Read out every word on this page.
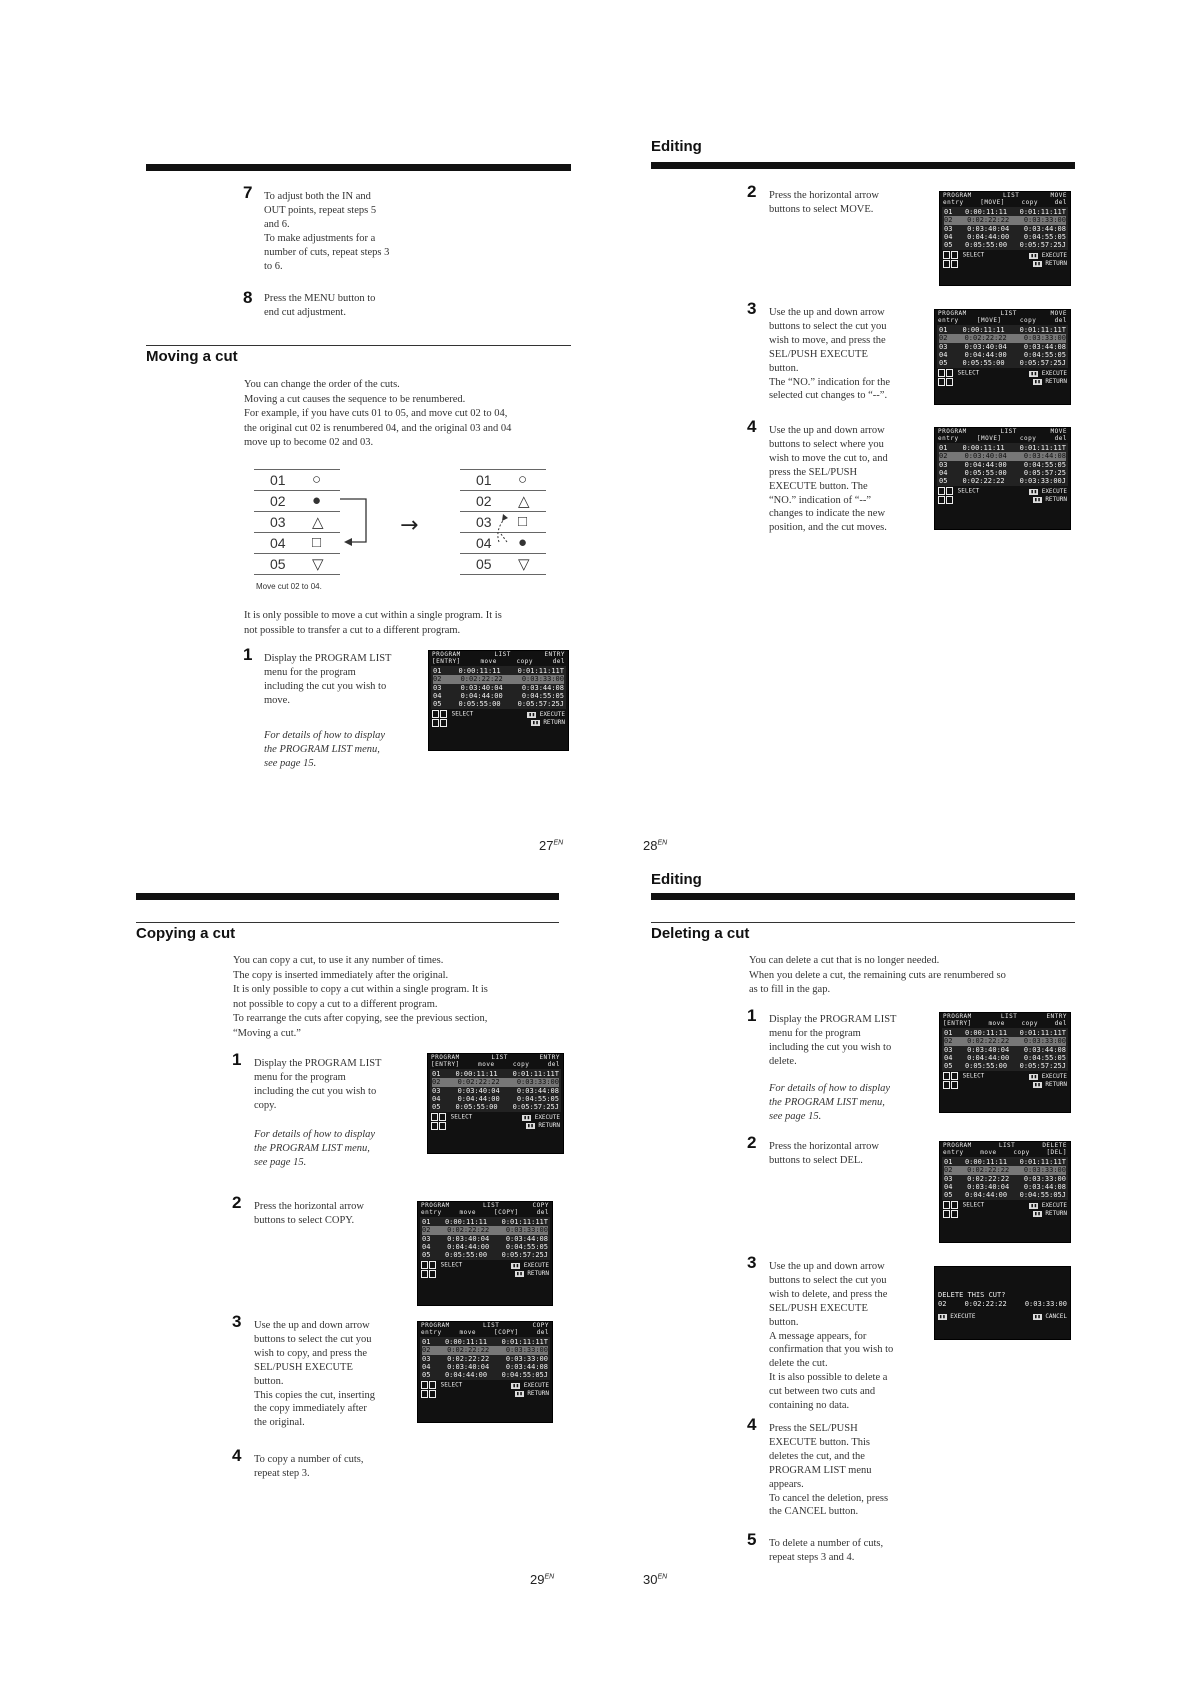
7 To adjust both the IN and
OUT points, repeat steps 5
and 6.
To make adjustments for a
number of cuts, repeat steps 3
to 6.
8 Press the MENU button to
end cut adjustment.
Moving a cut
You can change the order of the cuts.
Moving a cut causes the sequence to be renumbered.
For example, if you have cuts 01 to 05, and move cut 02 to 04,
the original cut 02 is renumbered 04, and the original 03 and 04
move up to become 02 and 03.
01 ○
02 ●
03 △
04 □
05 ▽
→
01 ○
02 △
03 □
04 ●
05 ▽
Move cut 02 to 04.
It is only possible to move a cut within a single program. It is
not possible to transfer a cut to a different program.
1 Display the PROGRAM LIST
menu for the program
including the cut you wish to
move.
For details of how to display
the PROGRAM LIST menu,
see page 15.
PROGRAM	LIST	ENTRY
[ENTRY]	move	copy	del
01 0:00:11:11 0:01:11:11T
02	0:02:22:22	0:03:33:00
03	0:03:40:04	0:03:44:08
04	0:04:44:00	0:04:55:05
05 0:05:55:00 0:05:57:25J
SELECT	▮▮ EXECUTE
▮▮ RETURN
$27^{EN}$
Editing
2 Press the horizontal arrow
buttons to select MOVE.
PROGRAM	LIST	MOVE
entry	[MOVE]	copy	del
01 0:00:11:11 0:01:11:11T
02 0:02:22:22 0:03:33:00
03 0:03:40:04 0:03:44:08
04 0:04:44:00 0:04:55:05
05 0:05:55:00 0:05:57:25J
SELECT	▮▮ EXECUTE
▮▮ RETURN
3 Use the up and down arrow
buttons to select the cut you
wish to move, and press the
SEL/PUSH EXECUTE
button.
The “NO.” indication for the
selected cut changes to “--”.
PROGRAM	LIST	MOVE
entry	[MOVE]	copy	del
01 0:00:11:11 0:01:11:11T
02 0:02:22:22 0:03:33:00
03 0:03:40:04 0:03:44:08
04 0:04:44:00 0:04:55:05
05 0:05:55:00 0:05:57:25J
SELECT	▮▮ EXECUTE
▮▮ RETURN
4 Use the up and down arrow
buttons to select where you
wish to move the cut to, and
press the SEL/PUSH
EXECUTE button. The
“NO.” indication of “--”
changes to indicate the new
position, and the cut moves.
PROGRAM	LIST	MOVE
entry	[MOVE]	copy	del
01 0:00:11:11 0:01:11:11T
02 0:03:40:04 0:03:44:08
03 0:04:44:00 0:04:55:05
04 0:05:55:00 0:05:57:25
05 0:02:22:22 0:03:33:00J
SELECT	▮▮ EXECUTE
▮▮ RETURN
$28^{EN}$
Copying a cut
You can copy a cut, to use it any number of times.
The copy is inserted immediately after the original.
It is only possible to copy a cut within a single program. It is
not possible to copy a cut to a different program.
To rearrange the cuts after copying, see the previous section,
“Moving a cut.”
1 Display the PROGRAM LIST
menu for the program
including the cut you wish to
copy.
For details of how to display
the PROGRAM LIST menu,
see page 15.
PROGRAM	LIST	ENTRY
[ENTRY]	move	copy	del
01 0:00:11:11 0:01:11:11T
02 0:02:22:22 0:03:33:00
03 0:03:40:04 0:03:44:08
04 0:04:44:00 0:04:55:05
05 0:05:55:00 0:05:57:25J
SELECT	▮▮ EXECUTE
▮▮ RETURN
2 Press the horizontal arrow
buttons to select COPY.
PROGRAM	LIST	COPY
entry	move	[COPY]	del
01 0:00:11:11 0:01:11:11T
02 0:02:22:22 0:03:33:00
03 0:03:40:04 0:03:44:08
04 0:04:44:00 0:04:55:05
05 0:05:55:00 0:05:57:25J
SELECT	▮▮ EXECUTE
▮▮ RETURN
3 Use the up and down arrow
buttons to select the cut you
wish to copy, and press the
SEL/PUSH EXECUTE
button.
This copies the cut, inserting
the copy immediately after
the original.
PROGRAM	LIST	COPY
entry	move	[COPY]	del
01 0:00:11:11 0:01:11:11T
02 0:02:22:22 0:03:33:00
03 0:02:22:22 0:03:33:00
04 0:03:40:04 0:03:44:08
05 0:04:44:00 0:04:55:05J
SELECT	▮▮ EXECUTE
▮▮ RETURN
4 To copy a number of cuts,
repeat step 3.
$29^{EN}$
Editing
Deleting a cut
You can delete a cut that is no longer needed.
When you delete a cut, the remaining cuts are renumbered so
as to fill in the gap.
1 Display the PROGRAM LIST
menu for the program
including the cut you wish to
delete.
For details of how to display
the PROGRAM LIST menu,
see page 15.
PROGRAM	LIST	ENTRY
[ENTRY]	move	copy	del
01 0:00:11:11 0:01:11:11T
02 0:02:22:22 0:03:33:00
03 0:03:40:04 0:03:44:08
04 0:04:44:00 0:04:55:05
05 0:05:55:00 0:05:57:25J
SELECT	▮▮ EXECUTE
▮▮ RETURN
2 Press the horizontal arrow
buttons to select DEL.
PROGRAM	LIST	DELETE
entry	move	copy	[DEL]
01 0:00:11:11 0:01:11:11T
02 0:02:22:22 0:03:33:00
03 0:02:22:22 0:03:33:00
04 0:03:40:04 0:03:44:08
05 0:04:44:00 0:04:55:05J
SELECT	▮▮ EXECUTE
▮▮ RETURN
3 Use the up and down arrow
buttons to select the cut you
wish to delete, and press the
SEL/PUSH EXECUTE
button.
A message appears, for
confirmation that you wish to
delete the cut.
It is also possible to delete a
cut between two cuts and
containing no data.
DELETE THIS CUT?
02	0:02:22:22	0:03:33:00
▮▮ EXECUTE	▮▮ CANCEL
4 Press the SEL/PUSH
EXECUTE button. This
deletes the cut, and the
PROGRAM LIST menu
appears.
To cancel the deletion, press
the CANCEL button.
5 To delete a number of cuts,
repeat steps 3 and 4.
$30^{EN}$
